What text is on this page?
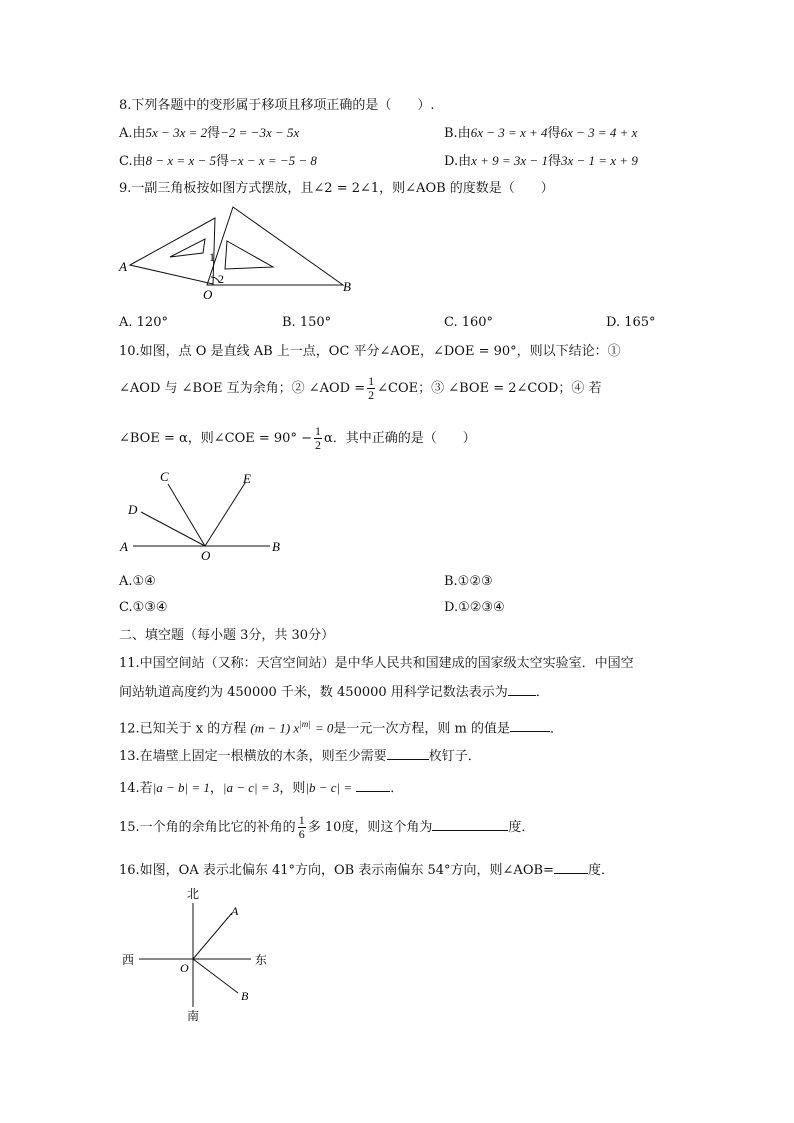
8.下列各题中的变形属于移项且移项正确的是（　　）.
A.由5x − 3x = 2得−2 = −3x − 5x	B.由6x − 3 = x + 4得6x − 3 = 4 + x
C.由8 − x = x − 5得−x − x = −5 − 8	D.由x + 9 = 3x − 1得3x − 1 = x + 9
9.一副三角板按如图方式摆放，且∠2 = 2∠1，则∠AOB 的度数是（　　）
A
1
2
O
B
A. 120°	B. 150°	C. 160°	D. 165°
10.如图，点 O 是直线 AB 上一点，OC 平分∠AOE，∠DOE = 90°，则以下结论：①
∠AOD 与 ∠BOE 互为余角；② ∠AOD = $\frac{1}{2}$ ∠COE；③ ∠BOE = 2∠COD；④ 若
∠BOE = α，则∠COE = $90^\circ - \frac{1}{2}$ α．其中正确的是（　　）
C	E
D
A
O
B
A.①④	B.①②③
C.①③④	D.①②③④
二、填空题（每小题 3分，共 30分）
11.中国空间站（又称：天宫空间站）是中华人民共和国建成的国家级太空实验室．中国空
间站轨道高度约为 450000 千米，数 450000 用科学记数法表示为 ．
12.已知关于 x 的方程 (m − 1) $x^{|m|} = 0$是一元一次方程，则 m 的值是	．
13.在墙壁上固定一根横放的木条，则至少需要	枚钉子．
14.若|a − b| = 1，|a − c| = 3，则|b − c| =	．
15.一个角的余角比它的补角的 $\frac{1}{6}$ 多 10度，则这个角为	度．
16.如图，OA 表示北偏东 41°方向，OB 表示南偏东 54°方向，则∠AOB=	度．
北
南
西	东
A
B
O
